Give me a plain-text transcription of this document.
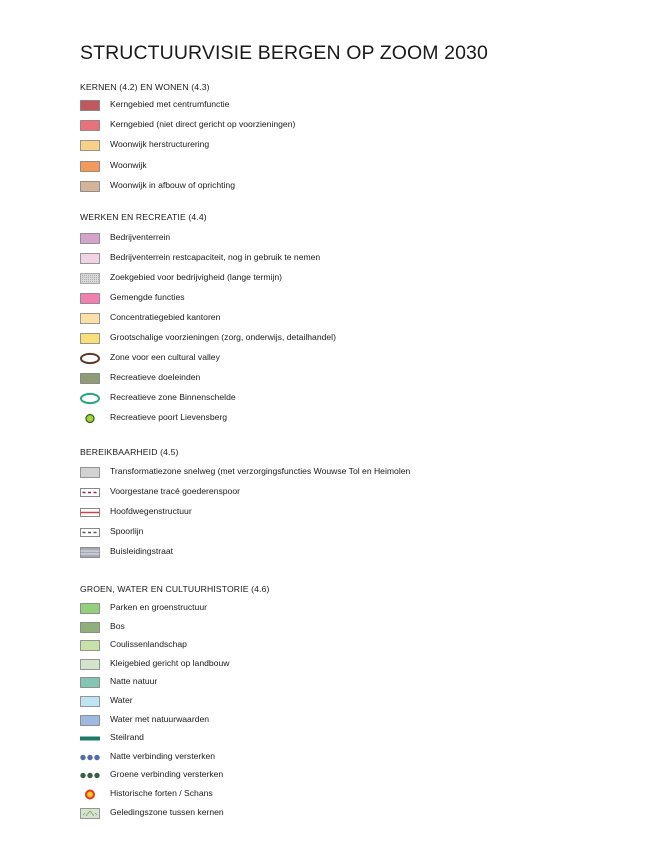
STRUCTUURVISIE BERGEN OP ZOOM 2030
KERNEN (4.2) EN WONEN (4.3)
Kerngebied met centrumfunctie
Kerngebied (niet direct gericht op voorzieningen)
Woonwijk herstructurering
Woonwijk
Woonwijk in afbouw of oprichting
WERKEN EN RECREATIE (4.4)
Bedrijventerrein
Bedrijventerrein restcapaciteit, nog in gebruik te nemen
Zoekgebied voor bedrijvigheid (lange termijn)
Gemengde functies
Concentratiegebied kantoren
Grootschalige voorzieningen (zorg, onderwijs, detailhandel)
Zone voor een cultural valley
Recreatieve doeleinden
Recreatieve zone Binnenschelde
Recreatieve poort Lievensberg
BEREIKBAARHEID (4.5)
Transformatiezone snelweg (met verzorgingsfuncties Wouwse Tol en Heimolen
Voorgestane tracé goederenspoor
Hoofdwegenstructuur
Spoorlijn
Buisleidingstraat
GROEN, WATER EN CULTUURHISTORIE (4.6)
Parken en groenstructuur
Bos
Coulissenlandschap
Kleigebied gericht op landbouw
Natte natuur
Water
Water met natuurwaarden
Steilrand
Natte verbinding versterken
Groene verbinding versterken
Historische forten / Schans
Geledingszone tussen kernen
